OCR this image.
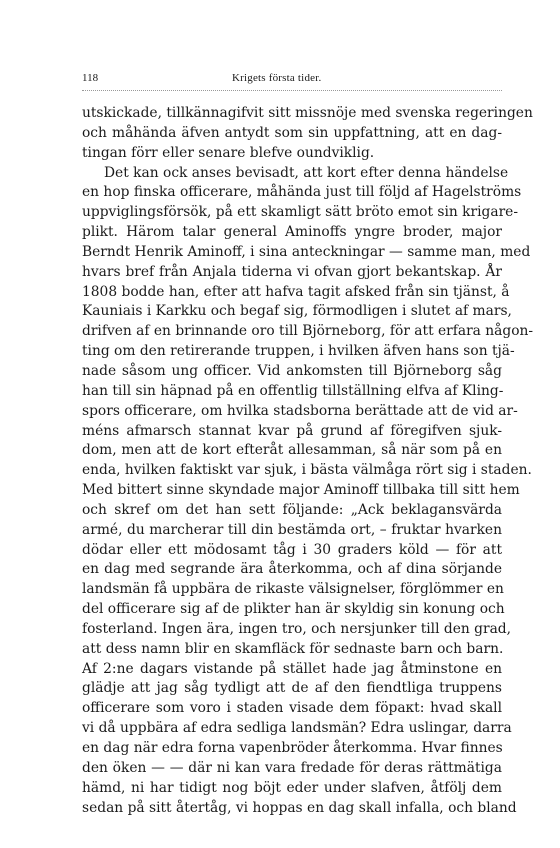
118	Krigets första tider.
utskickade, tillkännagifvit sitt missnöje med svenska regeringen
och måhända äfven antydt som sin uppfattning, att en dag-
tingan förr eller senare blefve oundviklig.
Det kan ock anses bevisadt, att kort efter denna händelse
en hop finska officerare, måhända just till följd af Hagelströms
uppviglingsförsök, på ett skamligt sätt bröto emot sin krigare-
plikt. Härom talar general Aminoffs yngre broder, major
Berndt Henrik Aminoff, i sina anteckningar — samme man, med
hvars bref från Anjala tiderna vi ofvan gjort bekantskap. År
1808 bodde han, efter att hafva tagit afsked från sin tjänst, å
Kauniais i Karkku och begaf sig, förmodligen i slutet af mars,
drifven af en brinnande oro till Björneborg, för att erfara någon-
ting om den retirerande truppen, i hvilken äfven hans son tjä-
nade såsom ung officer. Vid ankomsten till Björneborg såg
han till sin häpnad på en offentlig tillställning elfva af Kling-
spors officerare, om hvilka stadsborna berättade att de vid ar-
méns afmarsch stannat kvar på grund af föregifven sjuk-
dom, men att de kort efteråt allesamman, så när som på en
enda, hvilken faktiskt var sjuk, i bästa välmåga rört sig i staden.
Med bittert sinne skyndade major Aminoff tillbaka till sitt hem
och skref om det han sett följande: „Ack beklagansvärda
armé, du marcherar till din bestämda ort, – fruktar hvarken
dödar eller ett mödosamt tåg i 30 graders köld — för att
en dag med segrande ära återkomma, och af dina sörjande
landsmän få uppbära de rikaste välsignelser, förglömmer en
del officerare sig af de plikter han är skyldig sin konung och
fosterland. Ingen ära, ingen tro, och nersjunker till den grad,
att dess namn blir en skamfläck för sednaste barn och barn.
Af 2:ne dagars vistande på stället hade jag åtminstone en
glädje att jag såg tydligt att de af den fiendtliga truppens
officerare som voro i staden visade dem föракt: hvad skall
vi då uppbära af edra sedliga landsmän? Edra uslingar, darra
en dag när edra forna vapenbröder återkomma. Hvar finnes
den öken — — där ni kan vara fredade för deras rättmätiga
hämd, ni har tidigt nog böjt eder under slafven, åtfölj dem
sedan på sitt återtåg, vi hoppas en dag skall infalla, och bland
